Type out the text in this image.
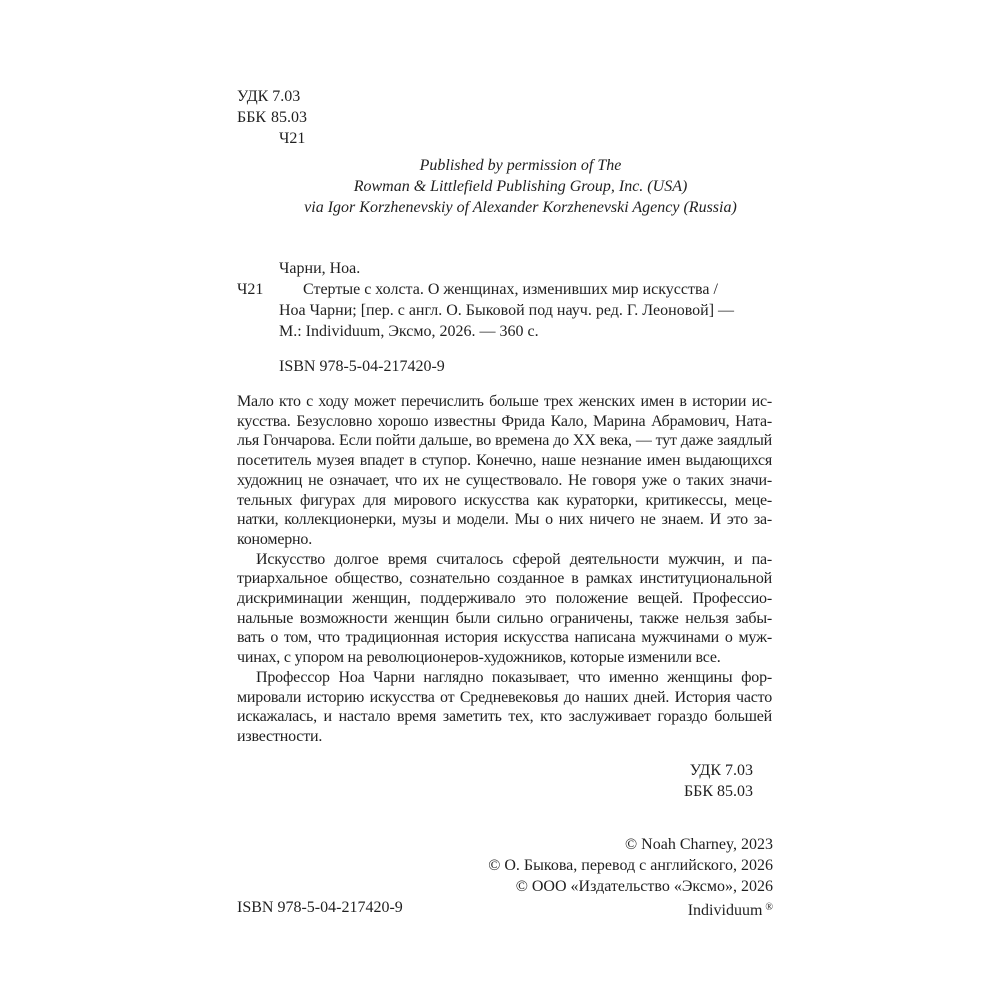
УДК 7.03
ББК 85.03
Ч21
Published by permission of The
Rowman & Littlefield Publishing Group, Inc. (USA)
via Igor Korzhenevskiy of Alexander Korzhenevski Agency (Russia)
Чарни, Ноа.
Ч21	Стертые с холста. О женщинах, изменивших мир искусства /
Ноа Чарни; [пер. с англ. О. Быковой под науч. ред. Г. Леоновой] —
М.: Individuum, Эксмо, 2026. — 360 с.
ISBN 978-5-04-217420-9
Мало кто с ходу может перечислить больше трех женских имен в истории ис-
кусства. Безусловно хорошо известны Фрида Кало, Марина Абрамович, Ната-
лья Гончарова. Если пойти дальше, во времена до XX века, — тут даже заядлый
посетитель музея впадет в ступор. Конечно, наше незнание имен выдающихся
художниц не означает, что их не существовало. Не говоря уже о таких значи-
тельных фигурах для мирового искусства как кураторки, критикессы, меце-
натки, коллекционерки, музы и модели. Мы о них ничего не знаем. И это за-
кономерно.
Искусство долгое время считалось сферой деятельности мужчин, и па-
триархальное общество, сознательно созданное в рамках институциональной
дискриминации женщин, поддерживало это положение вещей. Профессио-
нальные возможности женщин были сильно ограничены, также нельзя забы-
вать о том, что традиционная история искусства написана мужчинами о муж-
чинах, с упором на революционеров-художников, которые изменили все.
Профессор Ноа Чарни наглядно показывает, что именно женщины фор-
мировали историю искусства от Средневековья до наших дней. История часто
искажалась, и настало время заметить тех, кто заслуживает гораздо большей
известности.
УДК 7.03
ББК 85.03
© Noah Charney, 2023
© О. Быкова, перевод с английского, 2026
© ООО «Издательство «Эксмо», 2026
Individuum ®
ISBN 978-5-04-217420-9
